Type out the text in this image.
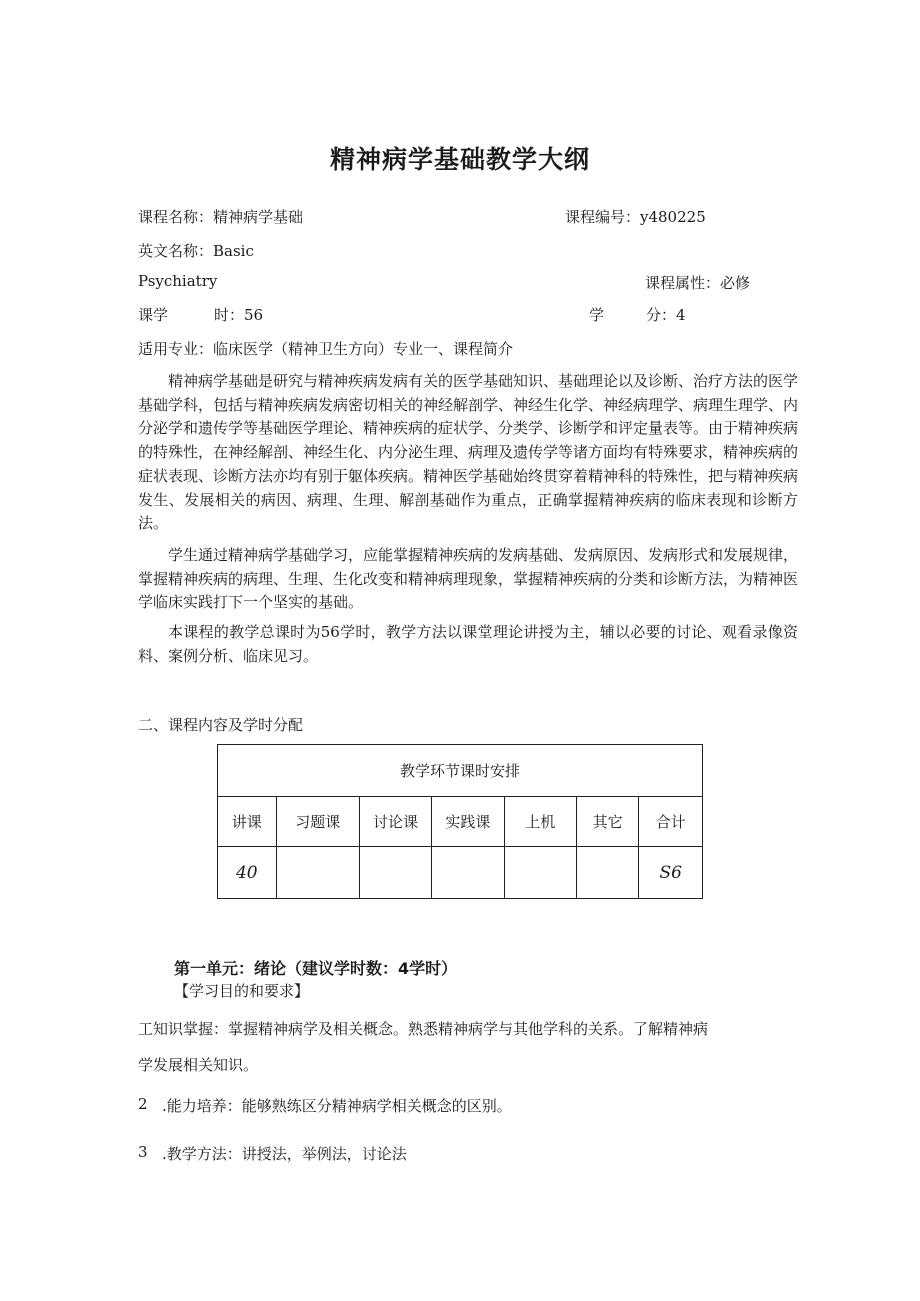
精神病学基础教学大纲
课程名称：精神病学基础	课程编号：y480225
英文名称：Basic
Psychiatry	课程属性：必修
课学	时：56	学	分：4
适用专业：临床医学（精神卫生方向）专业一、课程简介
精神病学基础是研究与精神疾病发病有关的医学基础知识、基础理论以及诊断、治疗方法的医学基础学科，包括与精神疾病发病密切相关的神经解剖学、神经生化学、神经病理学、病理生理学、内分泌学和遗传学等基础医学理论、精神疾病的症状学、分类学、诊断学和评定量表等。由于精神疾病的特殊性，在神经解剖、神经生化、内分泌生理、病理及遗传学等诸方面均有特殊要求，精神疾病的症状表现、诊断方法亦均有别于躯体疾病。精神医学基础始终贯穿着精神科的特殊性，把与精神疾病发生、发展相关的病因、病理、生理、解剖基础作为重点，正确掌握精神疾病的临床表现和诊断方法。
学生通过精神病学基础学习，应能掌握精神疾病的发病基础、发病原因、发病形式和发展规律，掌握精神疾病的病理、生理、生化改变和精神病理现象，掌握精神疾病的分类和诊断方法，为精神医学临床实践打下一个坚实的基础。
本课程的教学总课时为56学时，教学方法以课堂理论讲授为主，辅以必要的讨论、观看录像资料、案例分析、临床见习。
二、课程内容及学时分配
教学环节课时安排						
讲课	习题课	讨论课	实践课	上机	其它	合计
40						S6
第一单元：绪论（建议学时数：4学时）
【学习目的和要求】
工知识掌握：掌握精神病学及相关概念。熟悉精神病学与其他学科的关系。了解精神病
学发展相关知识。
2 .能力培养：能够熟练区分精神病学相关概念的区别。
3 .教学方法：讲授法，举例法，讨论法
